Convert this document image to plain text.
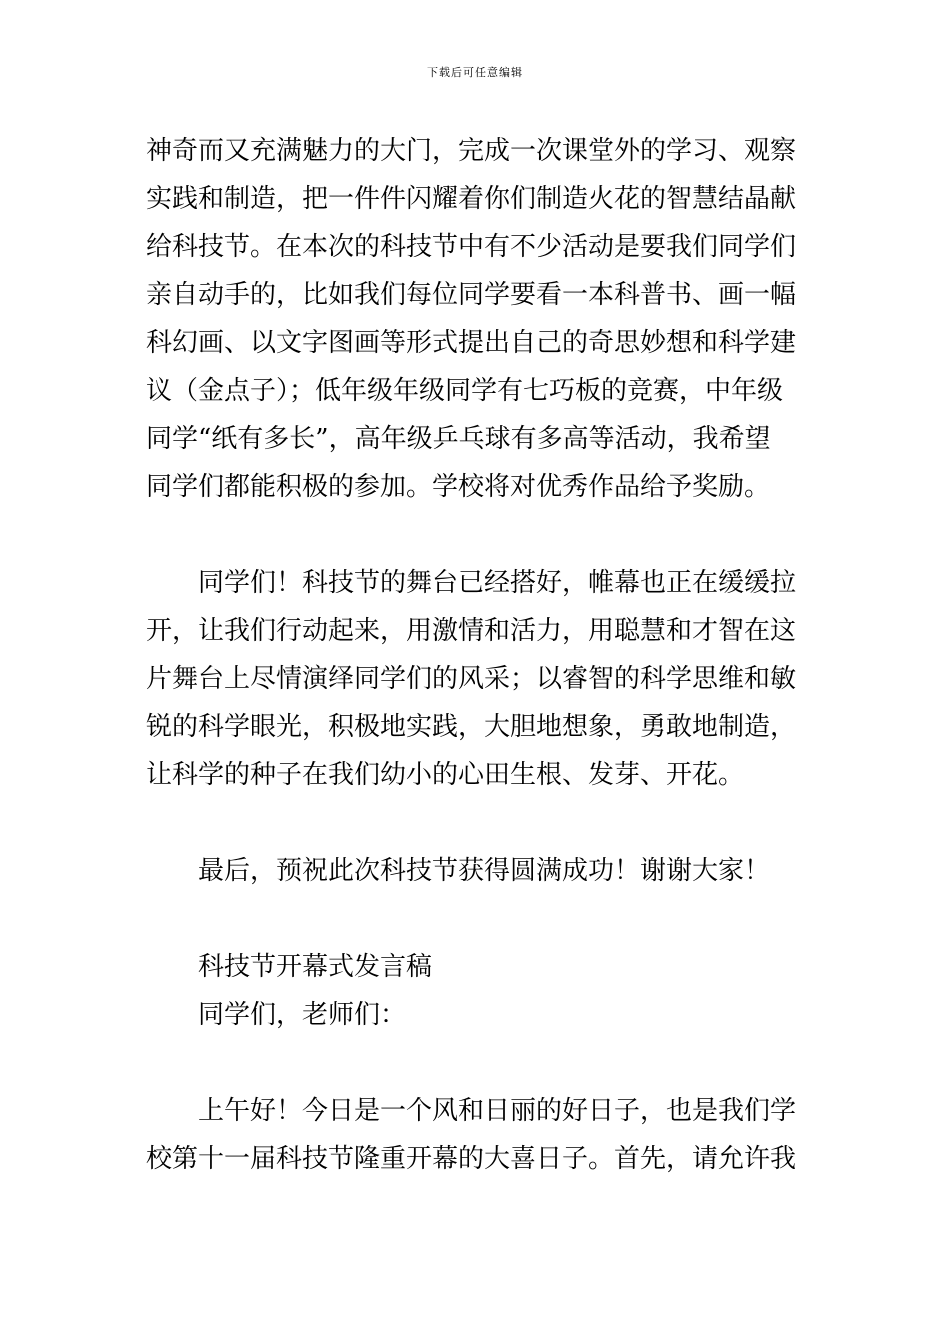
下载后可任意编辑
神奇而又充满魅力的大门，完成一次课堂外的学习、观察
实践和制造，把一件件闪耀着你们制造火花的智慧结晶献
给科技节。在本次的科技节中有不少活动是要我们同学们
亲自动手的，比如我们每位同学要看一本科普书、画一幅
科幻画、以文字图画等形式提出自己的奇思妙想和科学建
议（金点子）；低年级年级同学有七巧板的竞赛，中年级
同学“纸有多长”，高年级乒乓球有多高等活动，我希望
同学们都能积极的参加。学校将对优秀作品给予奖励。
同学们！科技节的舞台已经搭好，帷幕也正在缓缓拉
开，让我们行动起来，用激情和活力，用聪慧和才智在这
片舞台上尽情演绎同学们的风采；以睿智的科学思维和敏
锐的科学眼光，积极地实践，大胆地想象，勇敢地制造，
让科学的种子在我们幼小的心田生根、发芽、开花。
最后，预祝此次科技节获得圆满成功！谢谢大家！
科技节开幕式发言稿
同学们，老师们：
上午好！今日是一个风和日丽的好日子，也是我们学
校第十一届科技节隆重开幕的大喜日子。首先，请允许我
